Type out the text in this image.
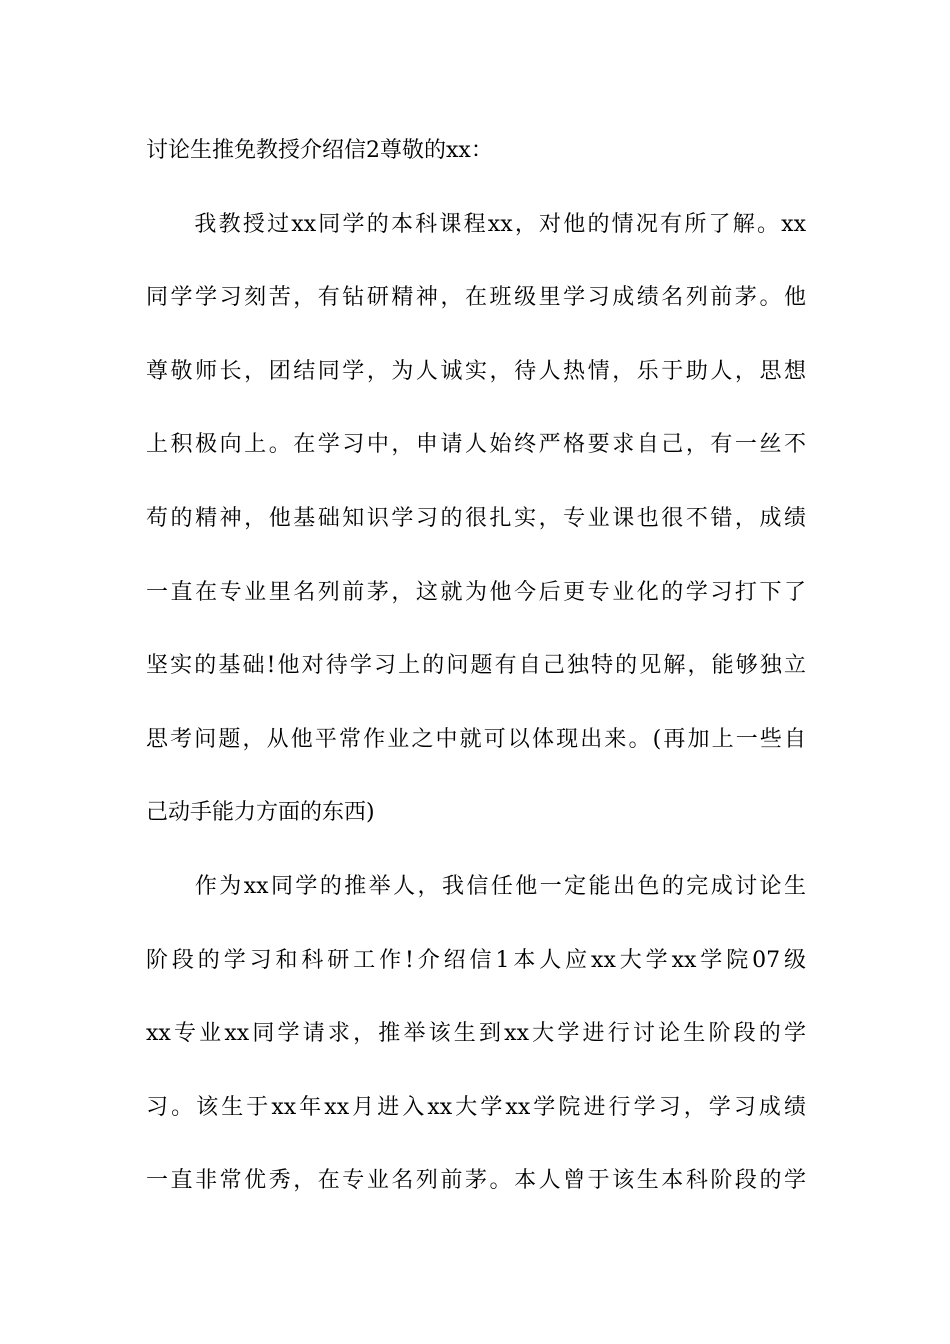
讨论生推免教授介绍信2尊敬的xx：
　　我教授过xx同学的本科课程xx，对他的情况有所了解。xx
同学学习刻苦，有钻研精神，在班级里学习成绩名列前茅。他
尊敬师长，团结同学，为人诚实，待人热情，乐于助人，思想
上积极向上。在学习中，申请人始终严格要求自己，有一丝不
苟的精神，他基础知识学习的很扎实，专业课也很不错，成绩
一直在专业里名列前茅，这就为他今后更专业化的学习打下了
坚实的基础!他对待学习上的问题有自己独特的见解，能够独立
思考问题，从他平常作业之中就可以体现出来。(再加上一些自
己动手能力方面的东西)
　　作为xx同学的推举人，我信任他一定能出色的完成讨论生
阶段的学习和科研工作!介绍信1本人应xx大学xx学院07级
xx专业xx同学请求，推举该生到xx大学进行讨论生阶段的学
习。该生于xx年xx月进入xx大学xx学院进行学习，学习成绩
一直非常优秀，在专业名列前茅。本人曾于该生本科阶段的学
